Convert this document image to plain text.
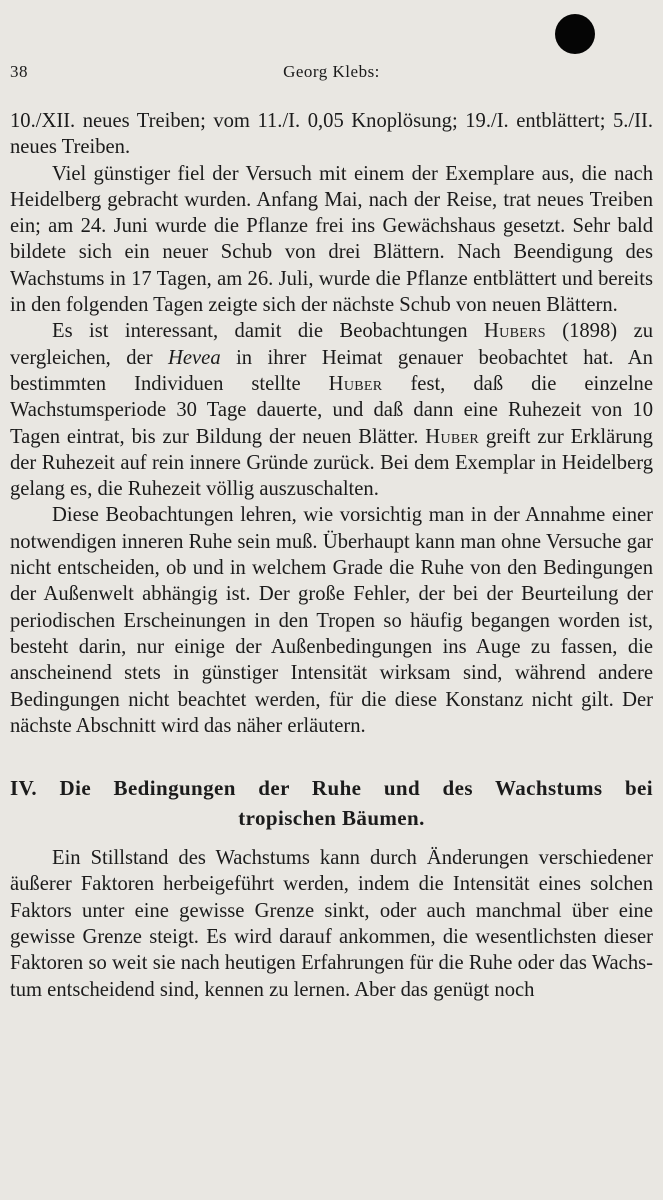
38	Georg Klebs:

10./XII. neues Treiben; vom 11./I. 0,05 Knoplösung; 19./I. entblättert; 5./II. neues Treiben.

Viel günstiger fiel der Versuch mit einem der Exemplare aus, die nach Heidelberg gebracht wurden. Anfang Mai, nach der Reise, trat neues Treiben ein; am 24. Juni wurde die Pflanze frei ins Gewächshaus gesetzt. Sehr bald bildete sich ein neuer Schub von drei Blättern. Nach Beendigung des Wachstums in 17 Tagen, am 26. Juli, wurde die Pflanze entblättert und bereits in den folgenden Tagen zeigte sich der nächste Schub von neuen Blättern.

Es ist interessant, damit die Beobachtungen Hubers (1898) zu vergleichen, der Hevea in ihrer Heimat genauer beobachtet hat. An bestimmten Individuen stellte Huber fest, daß die einzelne Wachstumsperiode 30 Tage dauerte, und daß dann eine Ruhezeit von 10 Tagen eintrat, bis zur Bildung der neuen Blätter. Huber greift zur Erklärung der Ruhezeit auf rein innere Gründe zurück. Bei dem Exemplar in Heidelberg gelang es, die Ruhezeit völlig auszuschalten.

Diese Beobachtungen lehren, wie vorsichtig man in der Annahme einer notwendigen inneren Ruhe sein muß. Überhaupt kann man ohne Versuche gar nicht entscheiden, ob und in welchem Grade die Ruhe von den Bedingungen der Außenwelt abhängig ist. Der große Fehler, der bei der Beurteilung der periodischen Erscheinungen in den Tropen so häufig begangen worden ist, besteht darin, nur einige der Außenbedingungen ins Auge zu fassen, die anscheinend stets in günstiger Intensität wirksam sind, während andere Bedingungen nicht beachtet werden, für die diese Konstanz nicht gilt. Der nächste Abschnitt wird das näher erläutern.

IV. Die Bedingungen der Ruhe und des Wachstums bei
tropischen Bäumen.

Ein Stillstand des Wachstums kann durch Änderungen verschiedener äußerer Faktoren herbeigeführt werden, indem die Intensität eines solchen Faktors unter eine gewisse Grenze sinkt, oder auch manchmal über eine gewisse Grenze steigt. Es wird darauf ankommen, die wesentlichsten dieser Faktoren so weit sie nach heutigen Erfahrungen für die Ruhe oder das Wachstum entscheidend sind, kennen zu lernen. Aber das genügt noch
